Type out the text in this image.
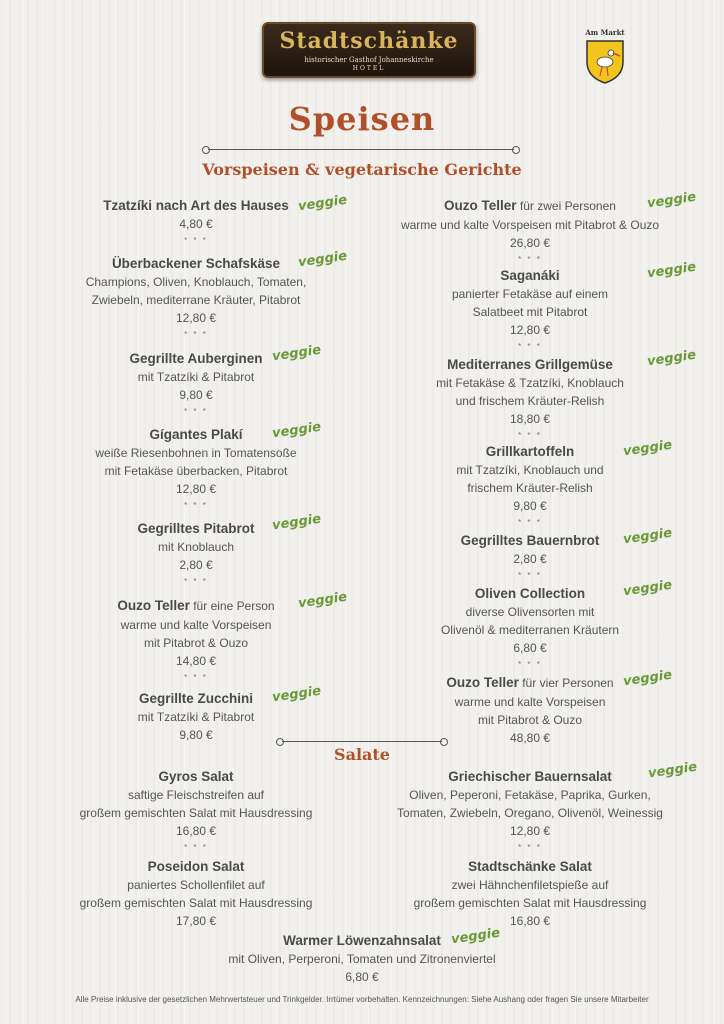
Stadtschänke
historischer Gasthof Johanneskirche
HOTEL
Am Markt
Speisen
Vorspeisen & vegetarische Gerichte
Tzatzíki nach Art des Hauses
4,80 €
* * *
veggie
Überbackener Schafskäse
Champions, Oliven, Knoblauch, Tomaten,
Zwiebeln, mediterrane Kräuter, Pitabrot
12,80 €
* * *
veggie
Gegrillte Auberginen
mit Tzatzíki & Pitabrot
9,80 €
* * *
veggie
Gígantes Plakí
weiße Riesenbohnen in Tomatensoße
mit Fetakäse überbacken, Pitabrot
12,80 €
* * *
veggie
Gegrilltes Pitabrot
mit Knoblauch
2,80 €
* * *
veggie
Ouzo Teller für eine Person
warme und kalte Vorspeisen
mit Pitabrot & Ouzo
14,80 €
* * *
veggie
Gegrillte Zucchini
mit Tzatzíki & Pitabrot
9,80 €
veggie
Ouzo Teller für zwei Personen
warme und kalte Vorspeisen mit Pitabrot & Ouzo
26,80 €
* * *
veggie
Saganáki
panierter Fetakäse auf einem
Salatbeet mit Pitabrot
12,80 €
* * *
veggie
Mediterranes Grillgemüse
mit Fetakäse & Tzatzíki, Knoblauch
und frischem Kräuter-Relish
18,80 €
* * *
veggie
Grillkartoffeln
mit Tzatzíki, Knoblauch und
frischem Kräuter-Relish
9,80 €
* * *
veggie
Gegrilltes Bauernbrot
2,80 €
* * *
veggie
Oliven Collection
diverse Olivensorten mit
Olivenöl & mediterranen Kräutern
6,80 €
* * *
veggie
Ouzo Teller für vier Personen
warme und kalte Vorspeisen
mit Pitabrot & Ouzo
48,80 €
veggie
Salate
Gyros Salat
saftige Fleischstreifen auf
großem gemischten Salat mit Hausdressing
16,80 €
* * *
Poseidon Salat
paniertes Schollenfilet auf
großem gemischten Salat mit Hausdressing
17,80 €
Griechischer Bauernsalat
Oliven, Peperoni, Fetakäse, Paprika, Gurken,
Tomaten, Zwiebeln, Oregano, Olivenöl, Weinessig
12,80 €
* * *
veggie
Stadtschänke Salat
zwei Hähnchenfiletspieße auf
großem gemischten Salat mit Hausdressing
16,80 €
Warmer Löwenzahnsalat
mit Oliven, Perperoni, Tomaten und Zitronenviertel
6,80 €
veggie
Alle Preise inklusive der gesetzlichen Mehrwertsteuer und Trinkgelder. Irrtümer vorbehalten. Kennzeichnungen: Siehe Aushang oder fragen Sie unsere Mitarbeiter
